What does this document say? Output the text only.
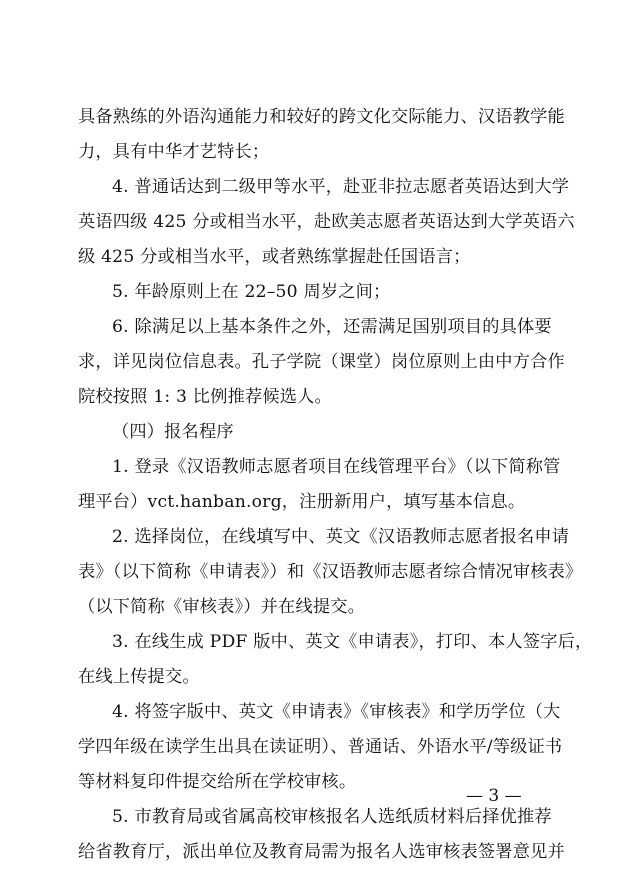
具备熟练的外语沟通能力和较好的跨文化交际能力、汉语教学能
力，具有中华才艺特长；
4. 普通话达到二级甲等水平，赴亚非拉志愿者英语达到大学
英语四级 425 分或相当水平，赴欧美志愿者英语达到大学英语六
级 425 分或相当水平，或者熟练掌握赴任国语言；
5. 年龄原则上在 22–50 周岁之间；
6. 除满足以上基本条件之外，还需满足国别项目的具体要
求，详见岗位信息表。孔子学院（课堂）岗位原则上由中方合作
院校按照 1: 3 比例推荐候选人。
（四）报名程序
1. 登录《汉语教师志愿者项目在线管理平台》（以下简称管
理平台）vct.hanban.org，注册新用户，填写基本信息。
2. 选择岗位，在线填写中、英文《汉语教师志愿者报名申请
表》（以下简称《申请表》）和《汉语教师志愿者综合情况审核表》
（以下简称《审核表》）并在线提交。
3. 在线生成 PDF 版中、英文《申请表》，打印、本人签字后，
在线上传提交。
4. 将签字版中、英文《申请表》《审核表》和学历学位（大
学四年级在读学生出具在读证明）、普通话、外语水平/等级证书
等材料复印件提交给所在学校审核。
5. 市教育局或省属高校审核报名人选纸质材料后择优推荐
给省教育厅，派出单位及教育局需为报名人选审核表签署意见并
— 3 —
